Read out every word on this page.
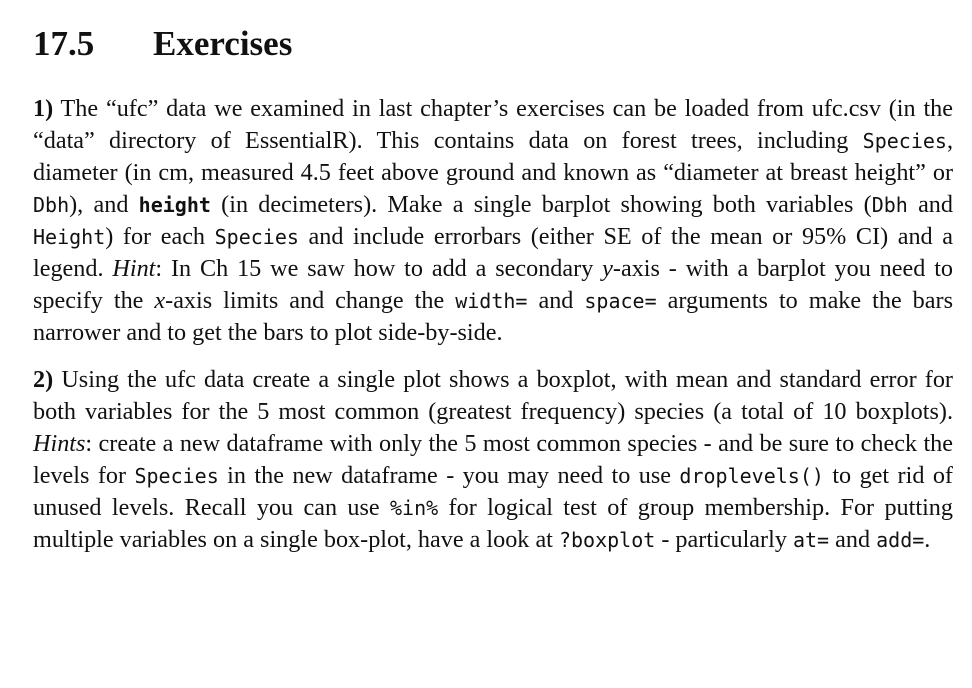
17.5 Exercises

1) The “ufc” data we examined in last chapter’s exercises can be loaded from ufc.csv (in the “data” directory of EssentialR). This contains data on forest trees, including Species, diameter (in cm, measured 4.5 feet above ground and known as “diameter at breast height” or Dbh), and height (in decimeters). Make a single barplot showing both variables (Dbh and Height) for each Species and include errorbars (either SE of the mean or 95% CI) and a legend. Hint: In Ch 15 we saw how to add a secondary y-axis - with a barplot you need to specify the x-axis limits and change the width= and space= arguments to make the bars narrower and to get the bars to plot side-by-side.

2) Using the ufc data create a single plot shows a boxplot, with mean and standard error for both variables for the 5 most common (greatest frequency) species (a total of 10 boxplots). Hints: create a new dataframe with only the 5 most common species - and be sure to check the levels for Species in the new dataframe - you may need to use droplevels() to get rid of unused levels. Recall you can use %in% for logical test of group membership. For putting multiple variables on a single box-plot, have a look at ?boxplot - particularly at= and add=.
